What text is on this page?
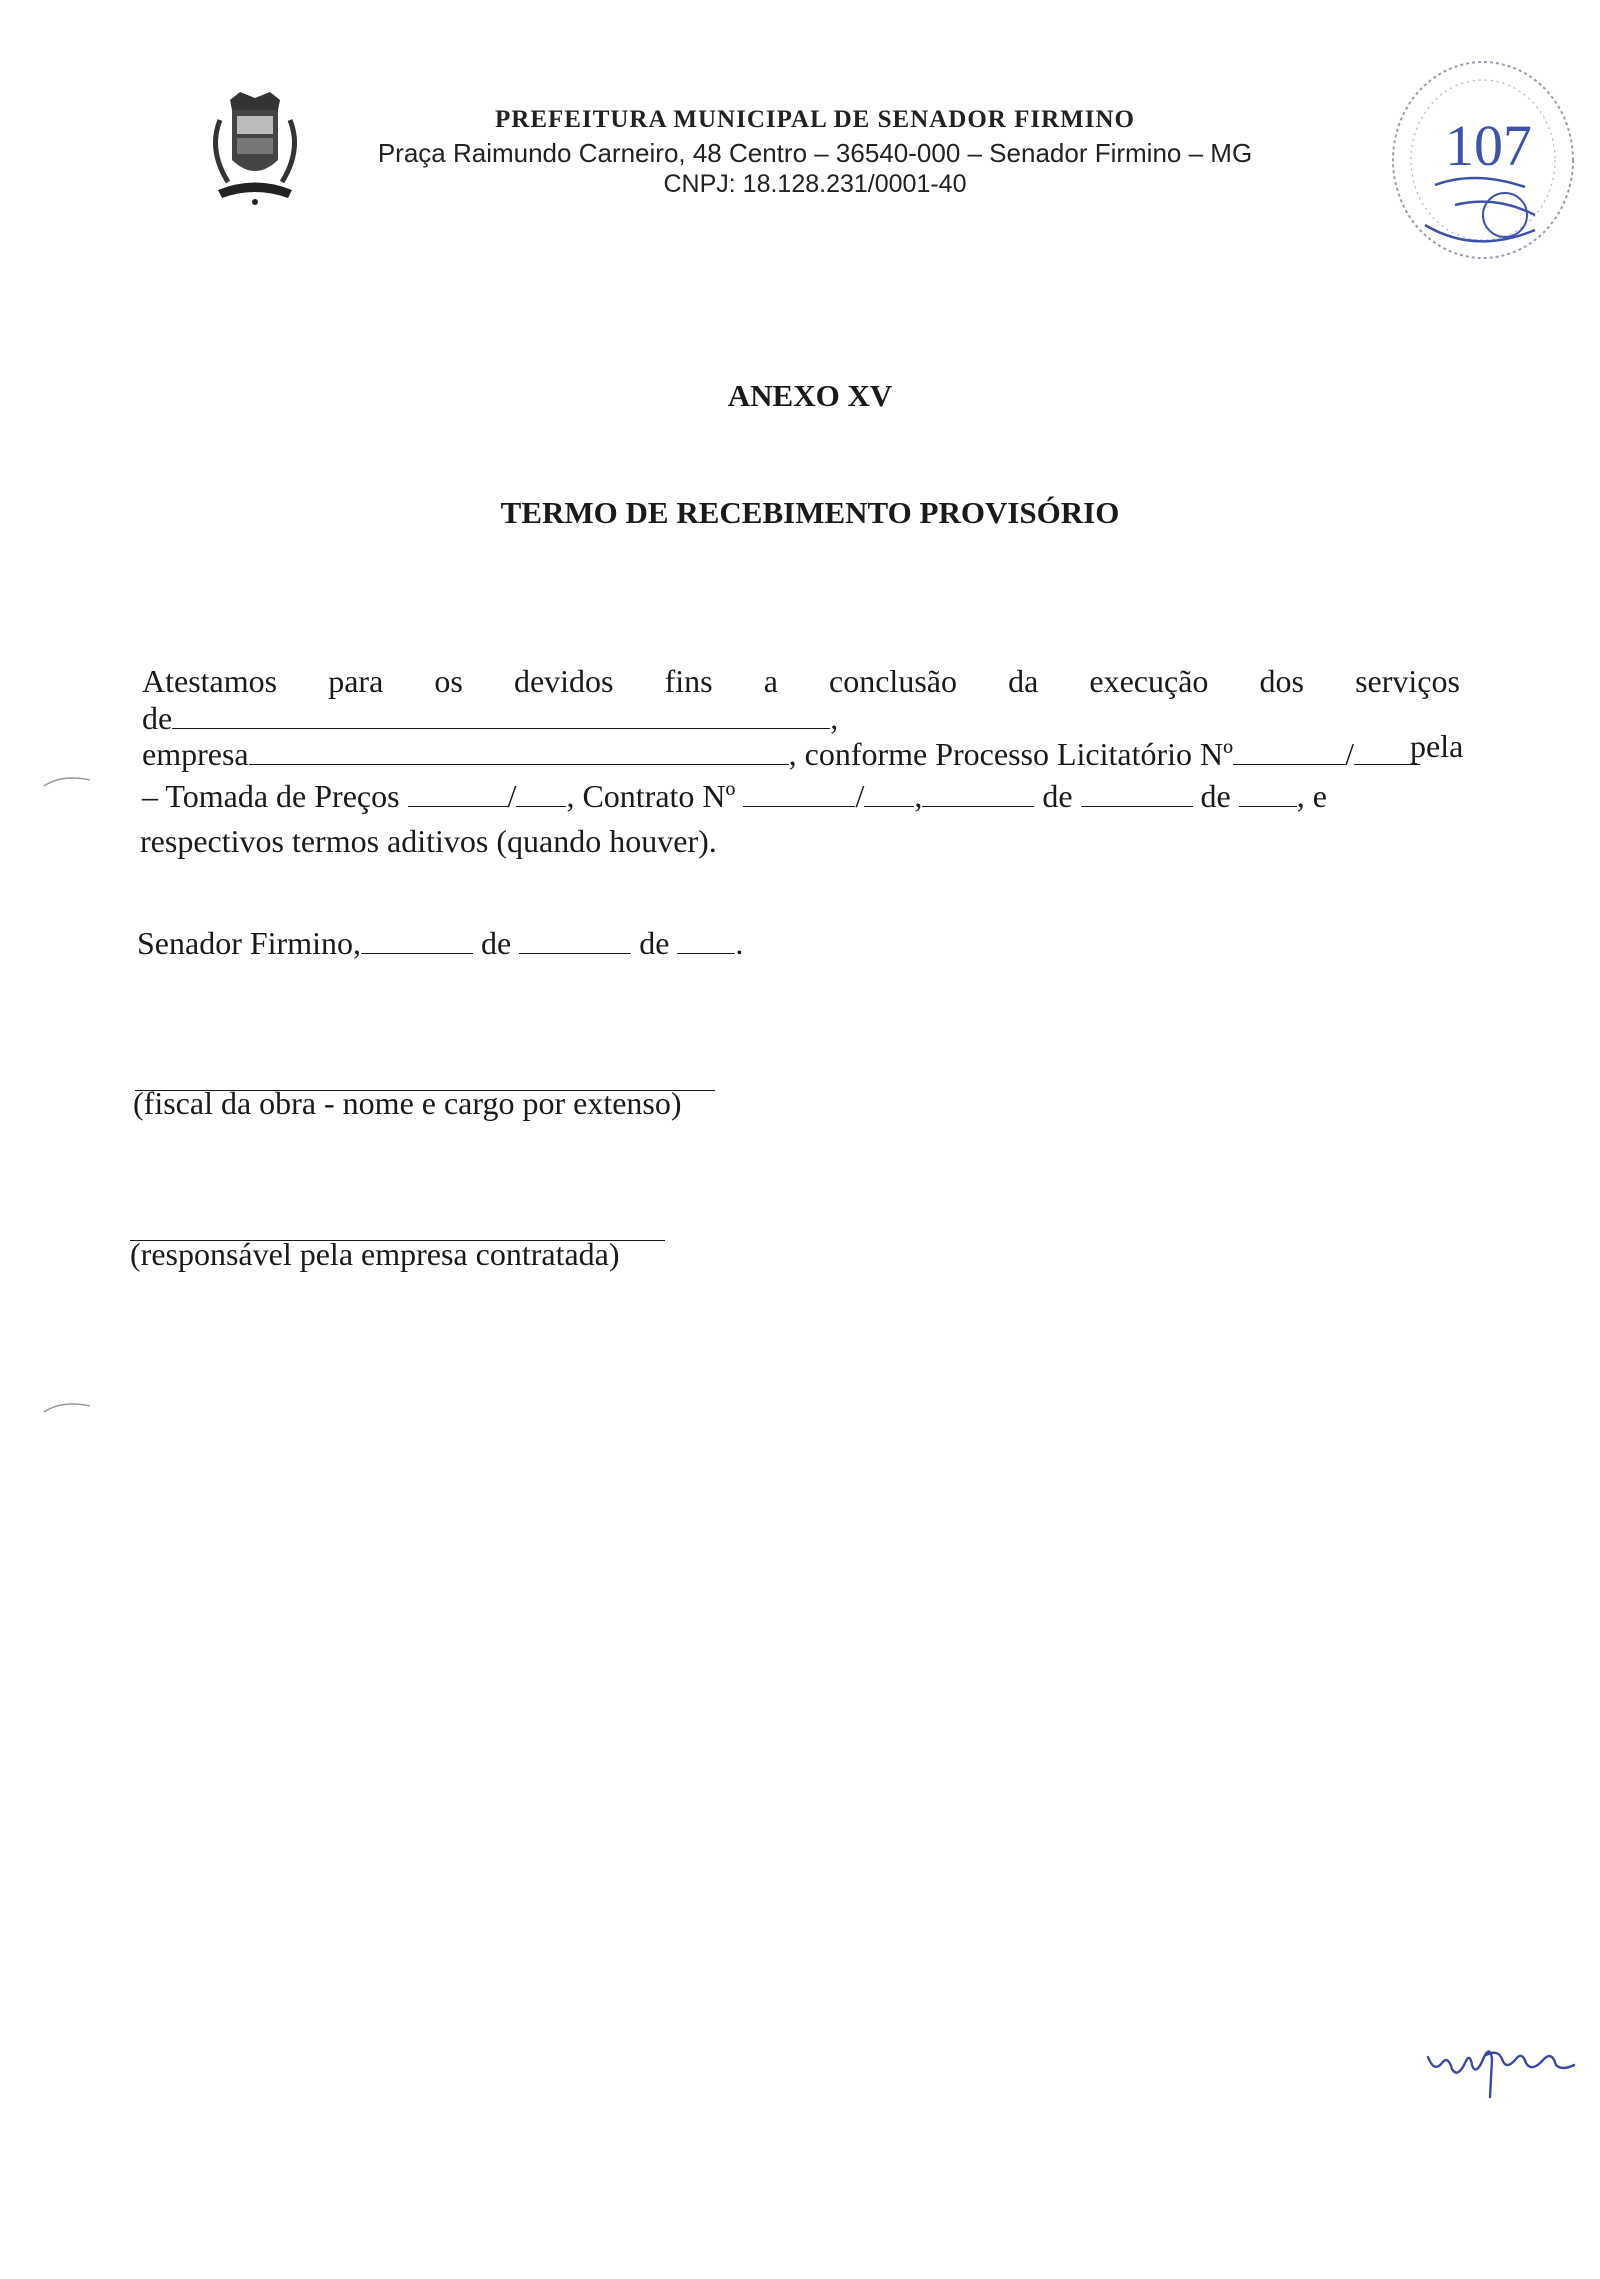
PREFEITURA MUNICIPAL DE SENADOR FIRMINO
Praça Raimundo Carneiro, 48 Centro – 36540-000 – Senador Firmino – MG
CNPJ: 18.128.231/0001-40
107
ANEXO XV
TERMO DE RECEBIMENTO PROVISÓRIO
Atestamos para os devidos fins a conclusão da execução dos serviços
de	,
empresa	, conforme Processo Licitatório Nº	/	pela
– Tomada de Preços	/ , Contrato Nº	/ ,	de	de , e
respectivos termos aditivos (quando houver).
Senador Firmino,	de	de .
(fiscal da obra - nome e cargo por extenso)
(responsável pela empresa contratada)
